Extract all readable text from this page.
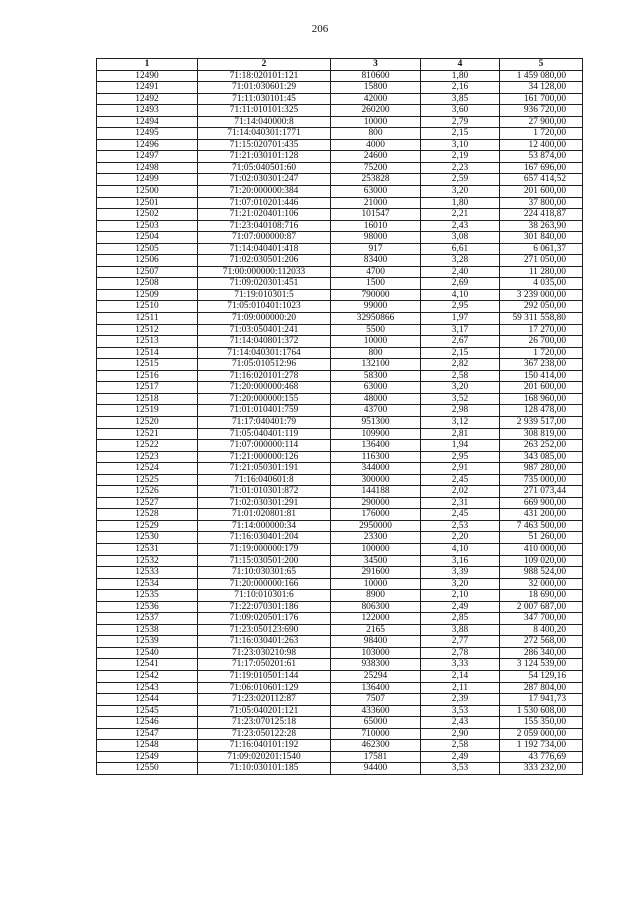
206
1	2	3	4	5
12490	71:18:020101:121	810600	1,80	1 459 080,00
12491	71:01:030601:29	15800	2,16	34 128,00
12492	71:11:030101:45	42000	3,85	161 700,00
12493	71:11:010101:325	260200	3,60	936 720,00
12494	71:14:040000:8	10000	2,79	27 900,00
12495	71:14:040301:1771	800	2,15	1 720,00
12496	71:15:020701:435	4000	3,10	12 400,00
12497	71:21:030101:128	24600	2,19	53 874,00
12498	71:05:040501:60	75200	2,23	167 696,00
12499	71:02:030301:247	253828	2,59	657 414,52
12500	71:20:000000:384	63000	3,20	201 600,00
12501	71:07:010201:446	21000	1,80	37 800,00
12502	71:21:020401:106	101547	2,21	224 418,87
12503	71:23:040108:716	16010	2,43	38 263,90
12504	71:07:000000:87	98000	3,08	301 840,00
12505	71:14:040401:418	917	6,61	6 061,37
12506	71:02:030501:206	83400	3,28	271 050,00
12507	71:00:000000:112033	4700	2,40	11 280,00
12508	71:09:020301:451	1500	2,69	4 035,00
12509	71:19:010301:5	790000	4,10	3 239 000,00
12510	71:05:010401:1023	99000	2,95	292 050,00
12511	71:09:000000:20	32950866	1,97	59 311 558,80
12512	71:03:050401:241	5500	3,17	17 270,00
12513	71:14:040801:372	10000	2,67	26 700,00
12514	71:14:040301:1764	800	2,15	1 720,00
12515	71:05:010512:96	132100	2,82	367 238,00
12516	71:16:020101:278	58300	2,58	150 414,00
12517	71:20:000000:468	63000	3,20	201 600,00
12518	71:20:000000:155	48000	3,52	168 960,00
12519	71:01:010401:759	43700	2,98	128 478,00
12520	71:17:040401:79	951300	3,12	2 939 517,00
12521	71:05:040401:119	109900	2,81	308 819,00
12522	71:07:000000:114	136400	1,94	263 252,00
12523	71:21:000000:126	116300	2,95	343 085,00
12524	71:21:050301:191	344000	2,91	987 280,00
12525	71:16:040601:8	300000	2,45	735 000,00
12526	71:01:010301:872	144188	2,02	271 073,44
12527	71:02:030301:291	290000	2,31	669 900,00
12528	71:01:020801:81	176000	2,45	431 200,00
12529	71:14:000000:34	2950000	2,53	7 463 500,00
12530	71:16:030401:204	23300	2,20	51 260,00
12531	71:19:000000:179	100000	4,10	410 000,00
12532	71:15:030501:200	34500	3,16	109 020,00
12533	71:10:030301:65	291600	3,39	988 524,00
12534	71:20:000000:166	10000	3,20	32 000,00
12535	71:10:010301:6	8900	2,10	18 690,00
12536	71:22:070301:186	806300	2,49	2 007 687,00
12537	71:09:020501:176	122000	2,85	347 700,00
12538	71:23:050123:690	2165	3,88	8 400,20
12539	71:16:030401:263	98400	2,77	272 568,00
12540	71:23:030210:98	103000	2,78	286 340,00
12541	71:17:050201:61	938300	3,33	3 124 539,00
12542	71:19:010501:144	25294	2,14	54 129,16
12543	71:06:010601:129	136400	2,11	287 804,00
12544	71:23:020112:87	7507	2,39	17 941,73
12545	71:05:040201:121	433600	3,53	1 530 608,00
12546	71:23:070125:18	65000	2,43	155 350,00
12547	71:23:050122:28	710000	2,90	2 059 000,00
12548	71:16:040101:192	462300	2,58	1 192 734,00
12549	71:09:020201:1540	17581	2,49	43 776,69
12550	71:10:030101:185	94400	3,53	333 232,00
